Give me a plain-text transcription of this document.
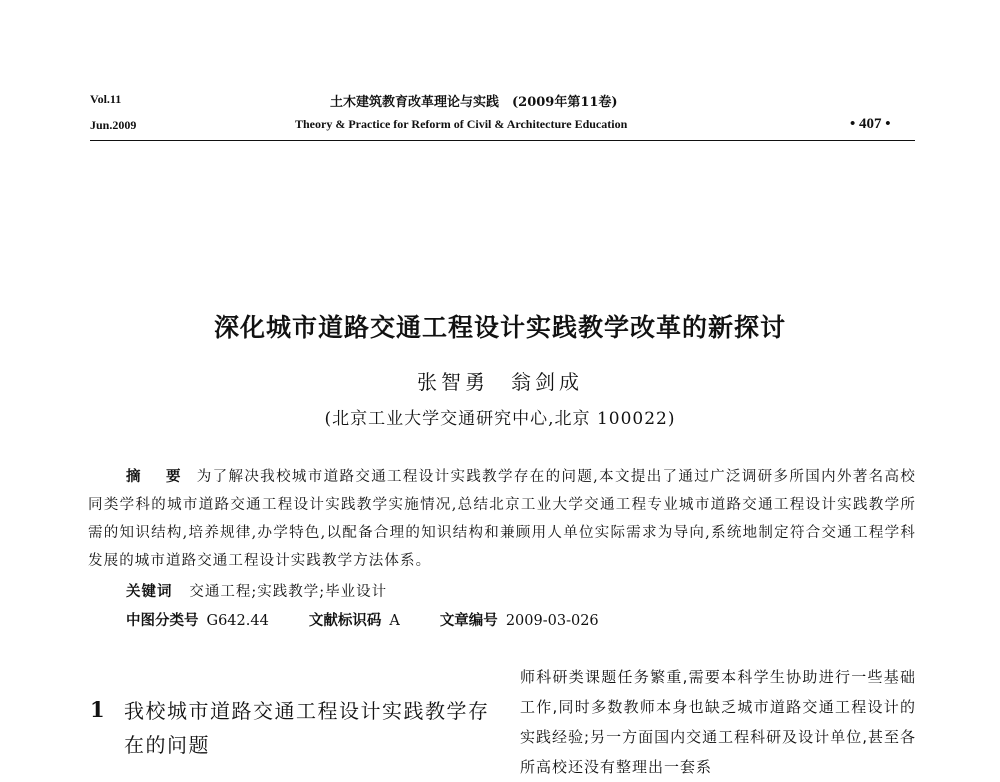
Vol.11
Jun.2009
土木建筑教育改革理论与实践　(2009年第11卷)
Theory & Practice for Reform of Civil & Architecture Education	• 407 •
深化城市道路交通工程设计实践教学改革的新探讨
张智勇 翁剑成
(北京工业大学交通研究中心,北京 100022)
摘 要 为了解决我校城市道路交通工程设计实践教学存在的问题,本文提出了通过广泛调研多所国内外著名高校同类学科的城市道路交通工程设计实践教学实施情况,总结北京工业大学交通工程专业城市道路交通工程设计实践教学所需的知识结构,培养规律,办学特色,以配备合理的知识结构和兼顾用人单位实际需求为导向,系统地制定符合交通工程学科发展的城市道路交通工程设计实践教学方法体系。
关键词 交通工程;实践教学;毕业设计
中图分类号 G642.44	文献标识码 A	文章编号 2009-03-026
1 我校城市道路交通工程设计实践教学存在的问题

师科研类课题任务繁重,需要本科学生协助进行一些基础工作,同时多数教师本身也缺乏城市道路交通工程设计的实践经验;另一方面国内交通工程科研及设计单位,甚至各所高校还没有整理出一套系
